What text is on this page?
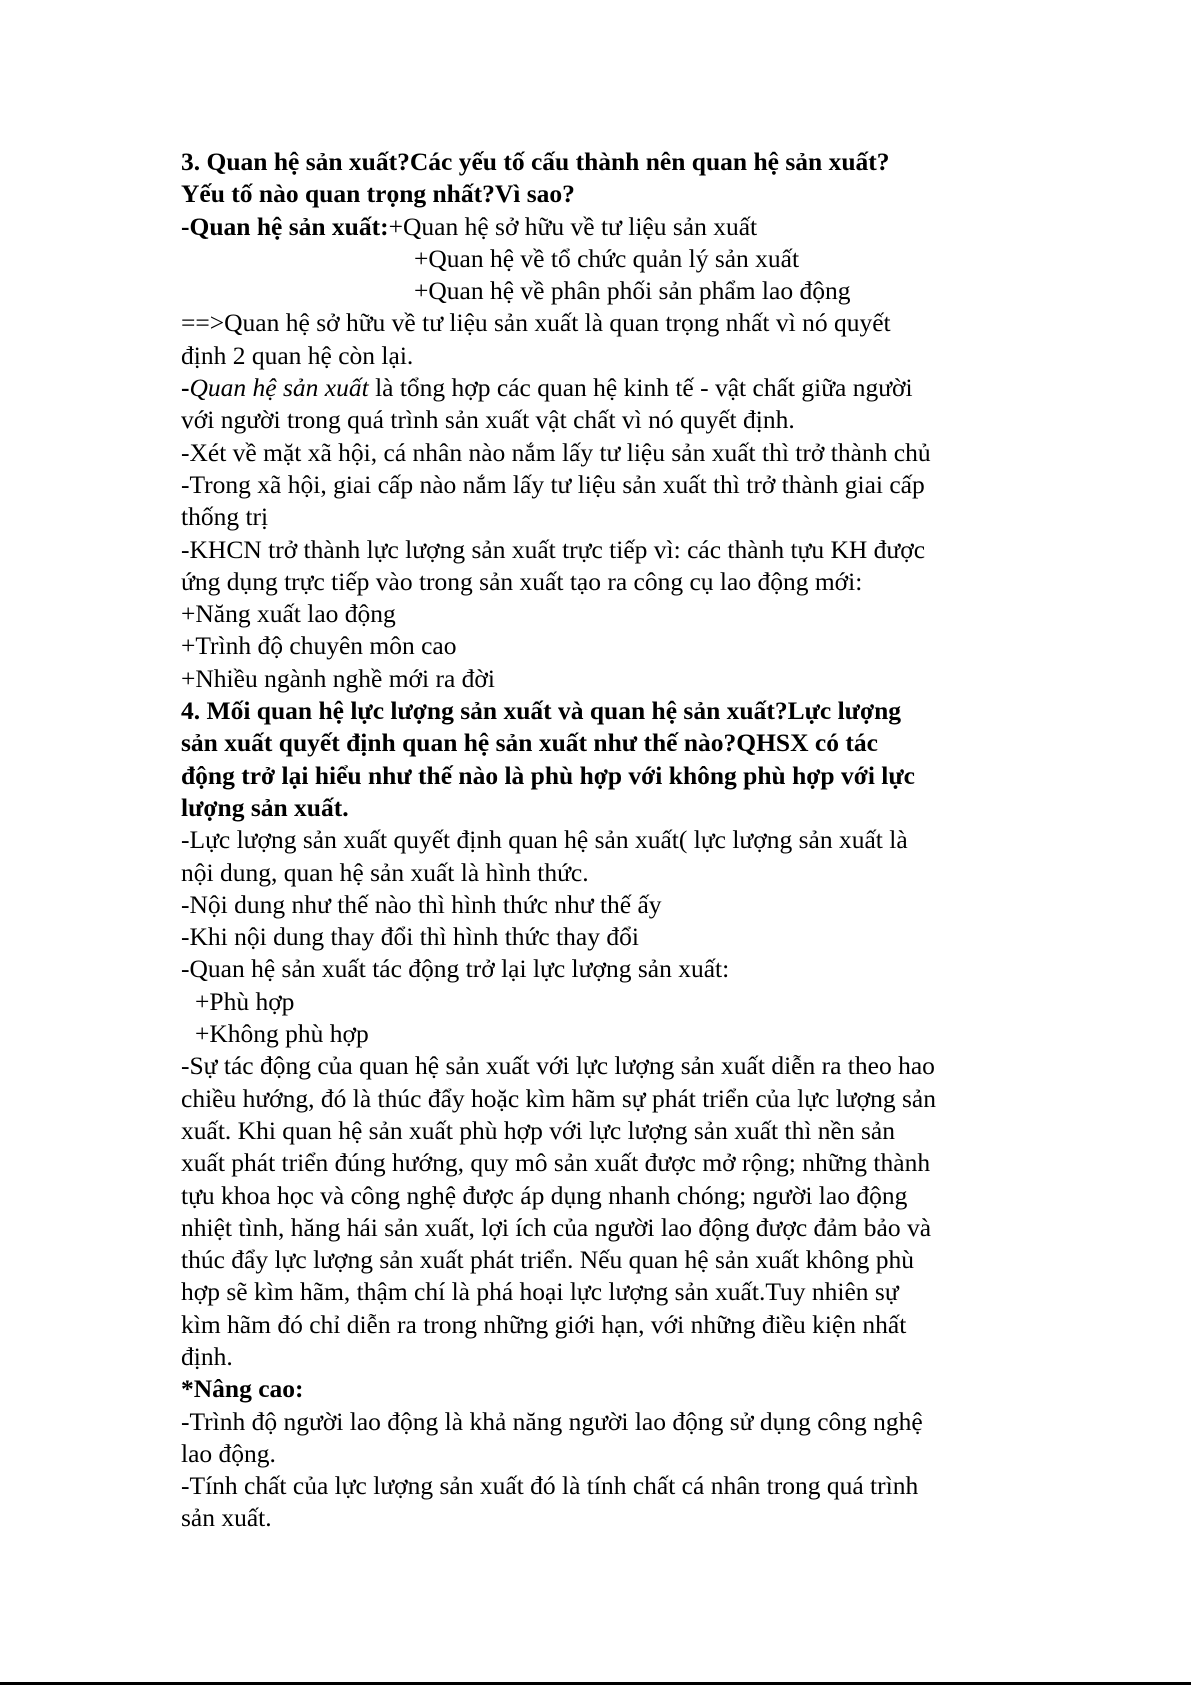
3. Quan hệ sản xuất?Các yếu tố cấu thành nên quan hệ sản xuất?
Yếu tố nào quan trọng nhất?Vì sao?
-Quan hệ sản xuất:+Quan hệ sở hữu về tư liệu sản xuất
+Quan hệ về tổ chức quản lý sản xuất
+Quan hệ về phân phối sản phẩm lao động
==>Quan hệ sở hữu về tư liệu sản xuất là quan trọng nhất vì nó quyết
định 2 quan hệ còn lại.
-Quan hệ sản xuất là tổng hợp các quan hệ kinh tế - vật chất giữa người
với người trong quá trình sản xuất vật chất vì nó quyết định.
-Xét về mặt xã hội, cá nhân nào nắm lấy tư liệu sản xuất thì trở thành chủ
-Trong xã hội, giai cấp nào nắm lấy tư liệu sản xuất thì trở thành giai cấp
thống trị
-KHCN trở thành lực lượng sản xuất trực tiếp vì: các thành tựu KH được
ứng dụng trực tiếp vào trong sản xuất tạo ra công cụ lao động mới:
+Năng xuất lao động
+Trình độ chuyên môn cao
+Nhiều ngành nghề mới ra đời
4. Mối quan hệ lực lượng sản xuất và quan hệ sản xuất?Lực lượng
sản xuất quyết định quan hệ sản xuất như thế nào?QHSX có tác
động trở lại hiểu như thế nào là phù hợp với không phù hợp với lực
lượng sản xuất.
-Lực lượng sản xuất quyết định quan hệ sản xuất( lực lượng sản xuất là
nội dung, quan hệ sản xuất là hình thức.
-Nội dung như thế nào thì hình thức như thế ấy
-Khi nội dung thay đổi thì hình thức thay đổi
-Quan hệ sản xuất tác động trở lại lực lượng sản xuất:
+Phù hợp
+Không phù hợp
-Sự tác động của quan hệ sản xuất với lực lượng sản xuất diễn ra theo hao
chiều hướng, đó là thúc đẩy hoặc kìm hãm sự phát triển của lực lượng sản
xuất. Khi quan hệ sản xuất phù hợp với lực lượng sản xuất thì nền sản
xuất phát triển đúng hướng, quy mô sản xuất được mở rộng; những thành
tựu khoa học và công nghệ được áp dụng nhanh chóng; người lao động
nhiệt tình, hăng hái sản xuất, lợi ích của người lao động được đảm bảo và
thúc đẩy lực lượng sản xuất phát triển. Nếu quan hệ sản xuất không phù
hợp sẽ kìm hãm, thậm chí là phá hoại lực lượng sản xuất.Tuy nhiên sự
kìm hãm đó chỉ diễn ra trong những giới hạn, với những điều kiện nhất
định.
*Nâng cao:
-Trình độ người lao động là khả năng người lao động sử dụng công nghệ
lao động.
-Tính chất của lực lượng sản xuất đó là tính chất cá nhân trong quá trình
sản xuất.
